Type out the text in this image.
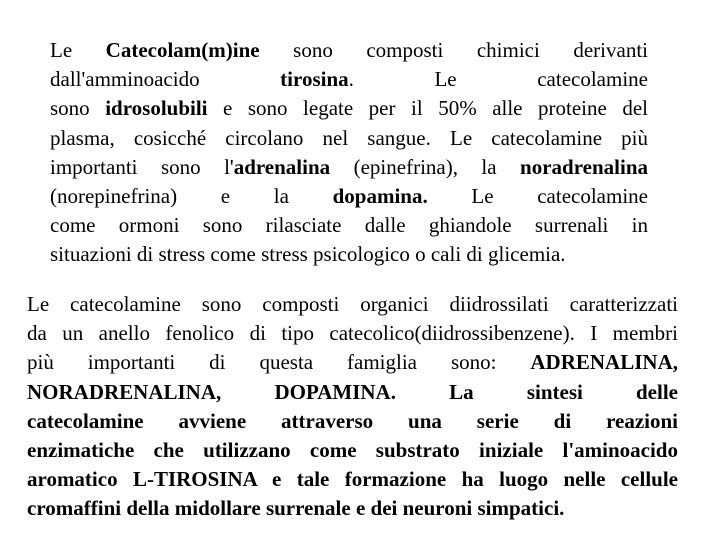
Le Catecolam(m)ine sono composti chimici derivanti
dall'amminoacido tirosina. Le catecolamine
sono idrosolubili e sono legate per il 50% alle proteine del
plasma, cosicché circolano nel sangue. Le catecolamine più
importanti sono l'adrenalina (epinefrina), la noradrenalina
(norepinefrina) e la dopamina. Le catecolamine
come ormoni sono rilasciate dalle ghiandole surrenali in
situazioni di stress come stress psicologico o cali di glicemia.
Le catecolamine sono composti organici diidrossilati caratterizzati
da un anello fenolico di tipo catecolico(diidrossibenzene). I membri
più importanti di questa famiglia sono: ADRENALINA,
NORADRENALINA, DOPAMINA. La sintesi delle
catecolamine avviene attraverso una serie di reazioni
enzimatiche che utilizzano come substrato iniziale l'aminoacido
aromatico L-TIROSINA e tale formazione ha luogo nelle cellule
cromaffini della midollare surrenale e dei neuroni simpatici.
